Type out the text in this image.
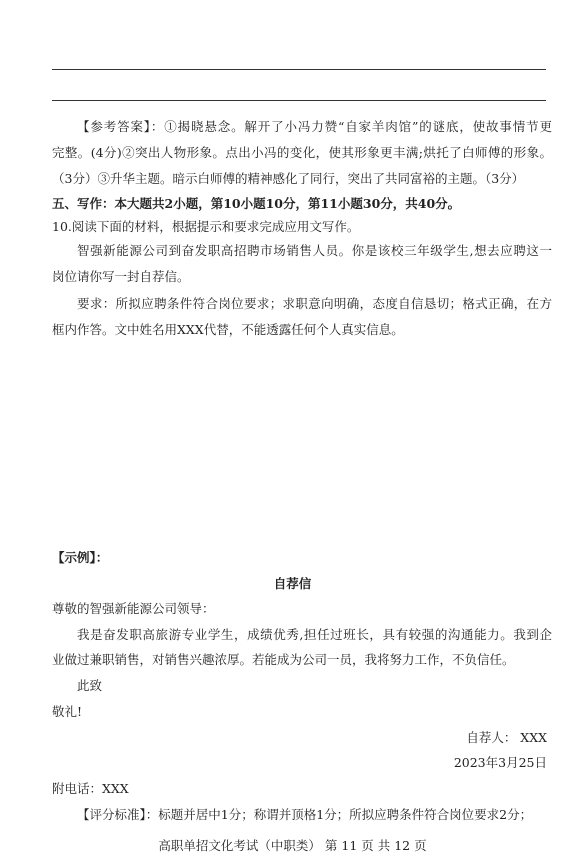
【参考答案】：①揭晓悬念。解开了小冯力赞“自家羊肉馆”的谜底，使故事情节更
完整。(4分)②突出人物形象。点出小冯的变化，使其形象更丰满;烘托了白师傅的形象。
（3分）③升华主题。暗示白师傅的精神感化了同行，突出了共同富裕的主题。（3分）
五、写作：本大题共2小题，第10小题10分，第11小题30分，共40分。
10.阅读下面的材料，根据提示和要求完成应用文写作。
智强新能源公司到奋发职高招聘市场销售人员。你是该校三年级学生,想去应聘这一
岗位请你写一封自荐信。
要求：所拟应聘条件符合岗位要求；求职意向明确，态度自信恳切；格式正确，在方
框内作答。文中姓名用XXX代替，不能透露任何个人真实信息。
【示例】：
自荐信
尊敬的智强新能源公司领导：
我是奋发职高旅游专业学生，成绩优秀,担任过班长，具有较强的沟通能力。我到企
业做过兼职销售，对销售兴趣浓厚。若能成为公司一员，我将努力工作，不负信任。
此致
敬礼!
自荐人： XXX
2023年3月25日
附电话：XXX
【评分标准】：标题并居中1分；称谓并顶格1分；所拟应聘条件符合岗位要求2分；
高职单招文化考试（中职类） 第 11 页 共 12 页
